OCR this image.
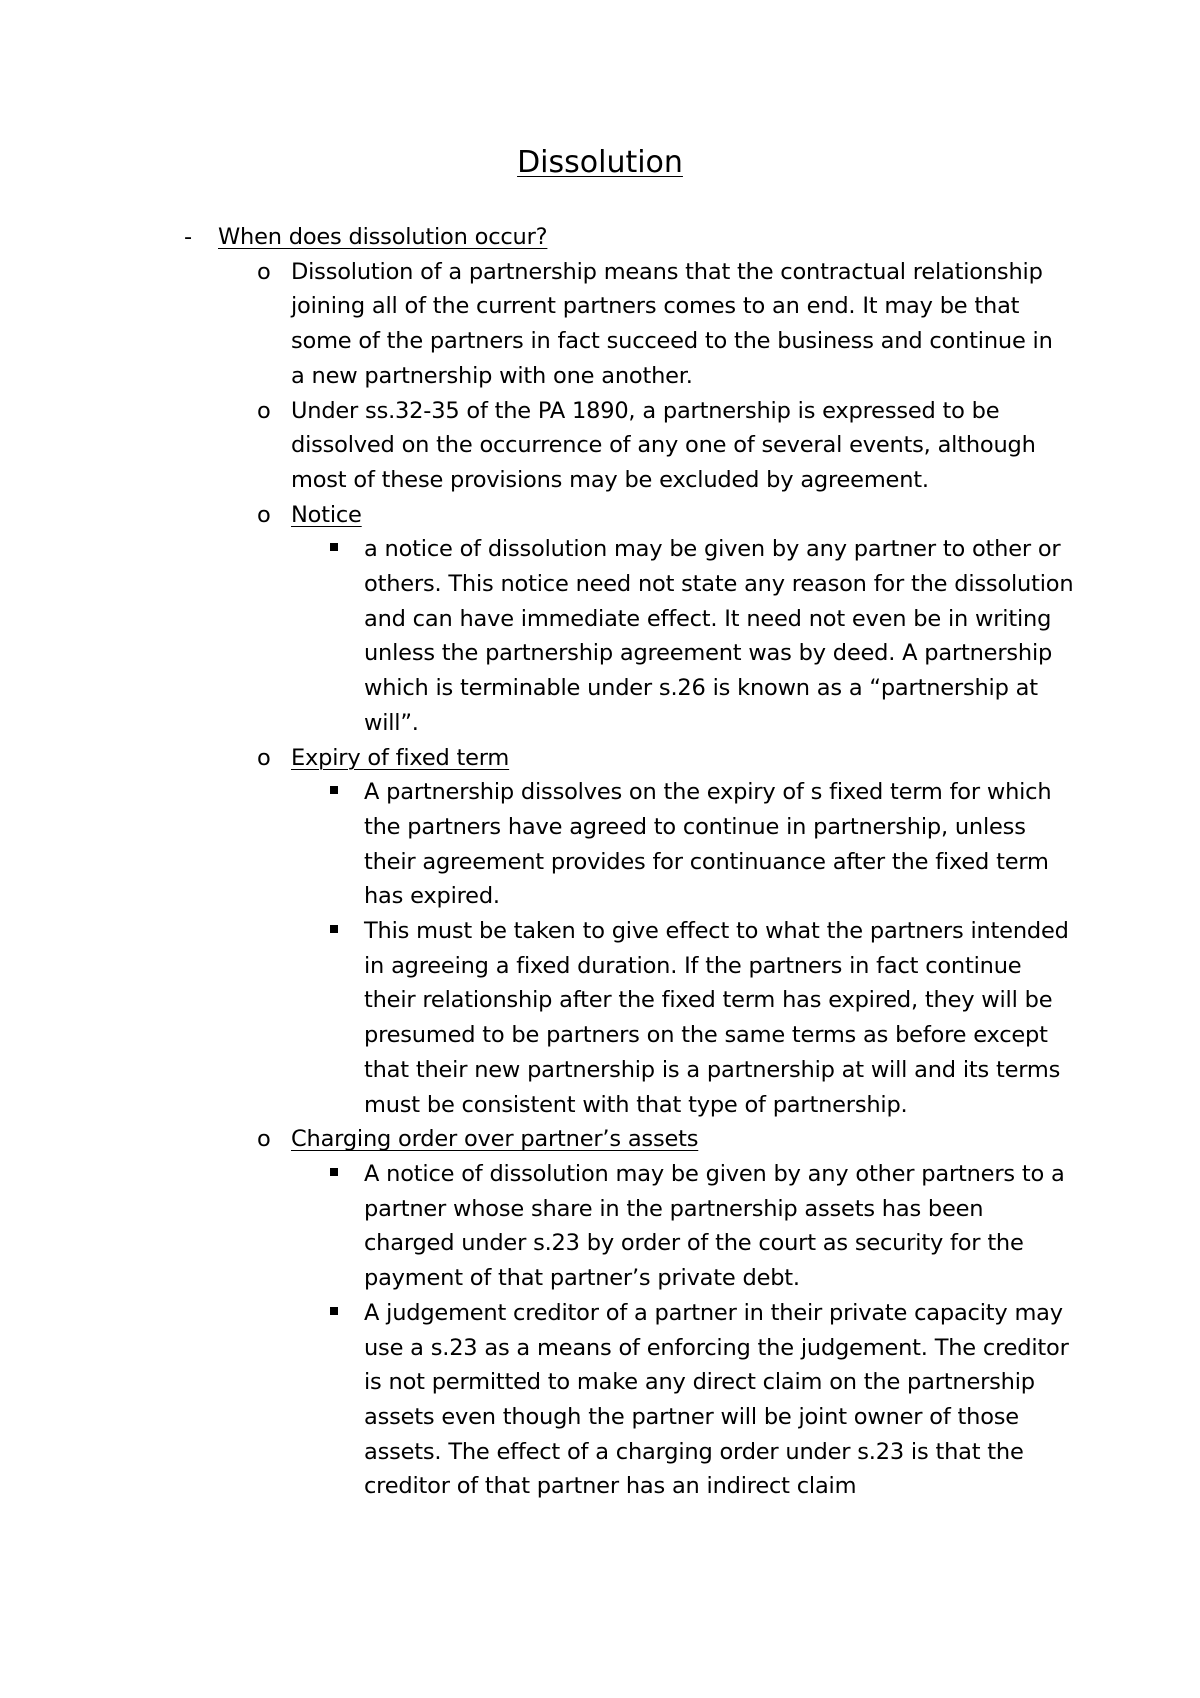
Dissolution
- When does dissolution occur?
o Dissolution of a partnership means that the contractual relationship joining all of the current partners comes to an end. It may be that some of the partners in fact succeed to the business and continue in a new partnership with one another.
o Under ss.32-35 of the PA 1890, a partnership is expressed to be dissolved on the occurrence of any one of several events, although most of these provisions may be excluded by agreement.
o Notice
a notice of dissolution may be given by any partner to other or others. This notice need not state any reason for the dissolution and can have immediate effect. It need not even be in writing unless the partnership agreement was by deed. A partnership which is terminable under s.26 is known as a “partnership at will”.
o Expiry of fixed term
A partnership dissolves on the expiry of s fixed term for which the partners have agreed to continue in partnership, unless their agreement provides for continuance after the fixed term has expired.
This must be taken to give effect to what the partners intended in agreeing a fixed duration. If the partners in fact continue their relationship after the fixed term has expired, they will be presumed to be partners on the same terms as before except that their new partnership is a partnership at will and its terms must be consistent with that type of partnership.
o Charging order over partner’s assets
A notice of dissolution may be given by any other partners to a partner whose share in the partnership assets has been charged under s.23 by order of the court as security for the payment of that partner’s private debt.
A judgement creditor of a partner in their private capacity may use a s.23 as a means of enforcing the judgement. The creditor is not permitted to make any direct claim on the partnership assets even though the partner will be joint owner of those assets. The effect of a charging order under s.23 is that the creditor of that partner has an indirect claim
